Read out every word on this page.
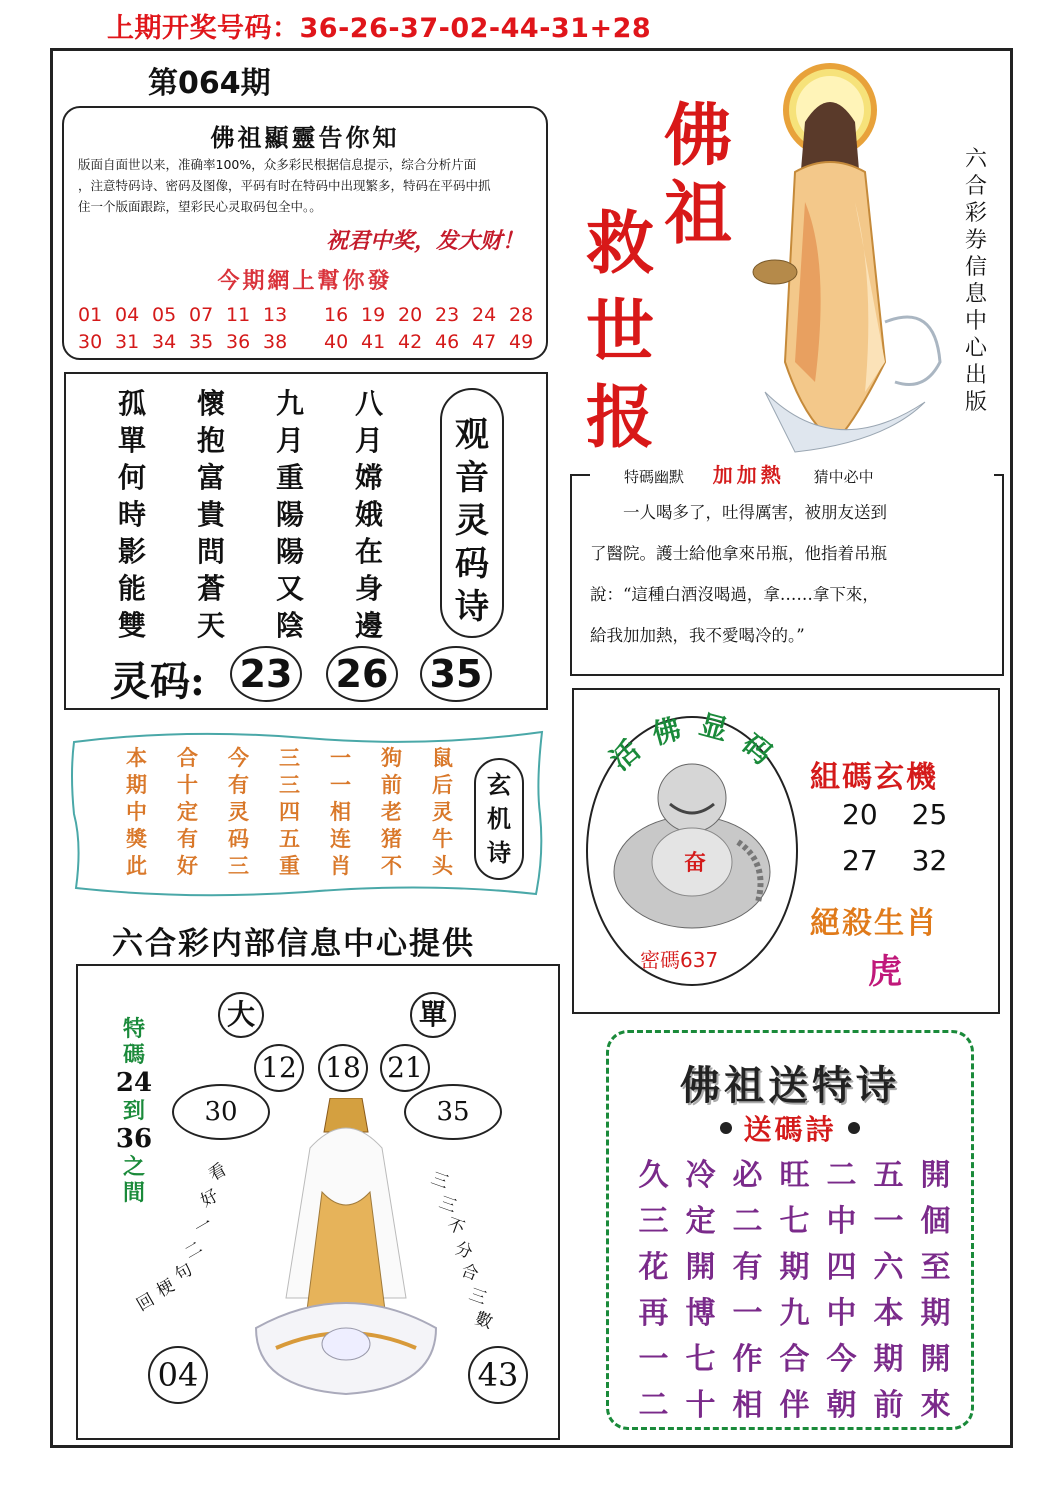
上期开奖号码：36-26-37-02-44-31+28
第064期
佛祖顯靈告你知
版面自面世以来，准确率100%，众多彩民根据信息提示，综合分析片面
，注意特码诗、密码及图像，平码有时在特码中出现繁多，特码在平码中抓
住一个版面跟踪，望彩民心灵取码包全中。。
祝君中奖，发大财！
今期網上幫你發
01 04 05 07 11 13 16 19 20 23 24 28
30 31 34 35 36 38 40 41 42 46 47 49
佛
祖
救
世
报
六
合
彩
券
信
息
中
心
出
版
孤 懷 九 八
單 抱 月 月
何 富 重 嫦
時 貴 陽 娥
影 問 陽 在
能 蒼 又 身
雙 天 陰 邊
观
音
灵
码
诗
灵码: 23 26 35
特碼幽默 加加熱 猜中必中
　　一人喝多了，吐得厲害，被朋友送到
了醫院。護士給他拿來吊瓶，他指着吊瓶
說：“這種白酒沒喝過，拿……拿下來，
給我加加熱，我不愛喝冷的。”
本 合 今 三 一 狗 鼠
期 十 有 三 一 前 后
中 定 灵 四 相 老 灵
獎 有 码 五 连 猪 牛
此 好 三 重 肖 不 头
玄
机
诗
活
佛 显
码
奋
密碼637
組碼玄機
20 25
27 32
絕殺生肖
虎
六合彩内部信息中心提供
大	單
12 18 21
30	35
特
碼
24
到
36
之
間
看
好
一
二
句
梗
回
三
三
不
分
合
三
數
04	43
佛祖送特诗
送碼詩
久 冷 必 旺 二 五 開
三 定 二 七 中 一 個
花 開 有 期 四 六 至
再 博 一 九 中 本 期
一 七 作 合 今 期 開
二 十 相 伴 朝 前 來
